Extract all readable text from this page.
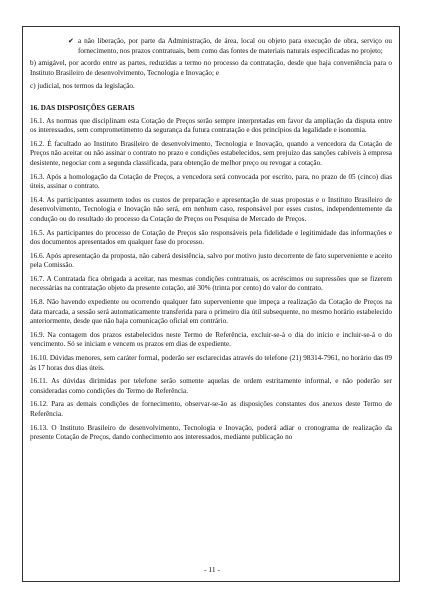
✔ a não liberação, por parte da Administração, de área, local ou objeto para execução de obra, serviço ou fornecimento, nos prazos contratuais, bem como das fontes de materiais naturais especificadas no projeto;

b) amigável, por acordo entre as partes, reduzidas a termo no processo da contratação, desde que haja conveniência para o Instituto Brasileiro de desenvolvimento, Tecnologia e Inovação; e

c) judicial, nos termos da legislação.

16. DAS DISPOSIÇÕES GERAIS

16.1. As normas que disciplinam esta Cotação de Preços serão sempre interpretadas em favor da ampliação da disputa entre os interessados, sem comprometimento da segurança da futura contratação e dos princípios da legalidade e isonomia.

16.2. É facultado ao Instituto Brasileiro de desenvolvimento, Tecnologia e Inovação, quando a vencedora da Cotação de Preços não aceitar ou não assinar o contrato no prazo e condições estabelecidos, sem prejuízo das sanções cabíveis à empresa desistente, negociar com a segunda classificada, para obtenção de melhor preço ou revogar a cotação.

16.3. Após a homologação da Cotação de Preços, a vencedora será convocada por escrito, para, no prazo de 05 (cinco) dias úteis, assinar o contrato.

16.4. As participantes assumem todos os custos de preparação e apresentação de suas propostas e o Instituto Brasileiro de desenvolvimento, Tecnologia e Inovação não será, em nenhum caso, responsável por esses custos, independentemente da condução ou do resultado do processo da Cotação de Preços ou Pesquisa de Mercado de Preços.

16.5. As participantes do processo de Cotação de Preços são responsáveis pela fidelidade e legitimidade das informações e dos documentos apresentados em qualquer fase do processo.

16.6. Após apresentação da proposta, não caberá desistência, salvo por motivo justo decorrente de fato superveniente e aceito pela Comissão.

16.7. A Contratada fica obrigada a aceitar, nas mesmas condições contratuais, os acréscimos ou supressões que se fizerem necessárias na contratação objeto da presente cotação, até 30% (trinta por cento) do valor do contrato.

16.8. Não havendo expediente ou ocorrendo qualquer fato superveniente que impeça a realização da Cotação de Preços na data marcada, a sessão será automaticamente transferida para o primeiro dia útil subsequente, no mesmo horário estabelecido anteriormente, desde que não haja comunicação oficial em contrário.

16.9. Na contagem dos prazos estabelecidos neste Termo de Referência, excluir-se-á o dia do início e incluir-se-á o do vencimento. Só se iniciam e vencem os prazos em dias de expediente.

16.10. Dúvidas menores, sem caráter formal, poderão ser esclarecidas através do telefone (21) 98314-7961, no horário das 09 às 17 horas dos dias úteis.

16.11. As dúvidas dirimidas por telefone serão somente aquelas de ordem estritamente informal, e não poderão ser consideradas como condições do Termo de Referência.

16.12. Para as demais condições de fornecimento, observar-se-ão as disposições constantes dos anexos deste Termo de Referência.

16.13. O Instituto Brasileiro de desenvolvimento, Tecnologia e Inovação, poderá adiar o cronograma de realização da presente Cotação de Preços, dando conhecimento aos interessados, mediante publicação no

- 11 -
